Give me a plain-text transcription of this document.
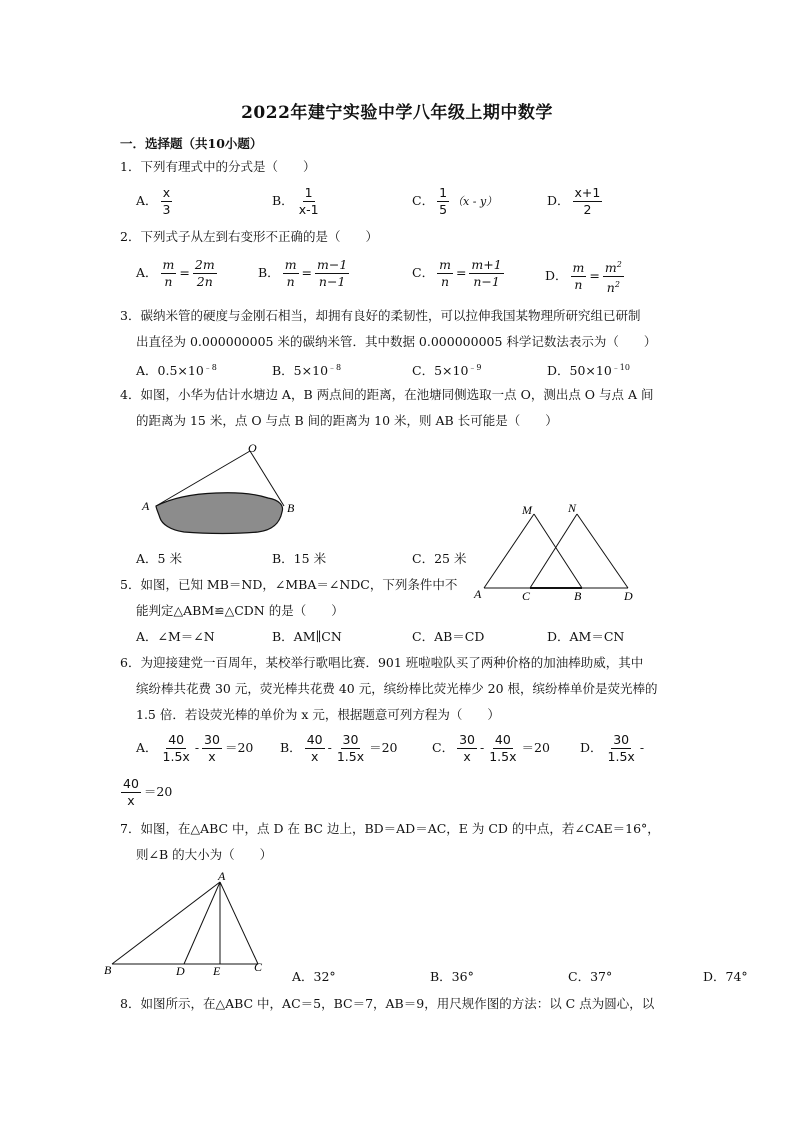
2022年建宁实验中学八年级上期中数学
一．选择题（共10小题）
1．下列有理式中的分式是（　　）
A． $\frac{x}{3}$	B． $\frac{1}{x-1}$	C． $\frac{1}{5} (x - y)$	D． $\frac{x+1}{2}$
2．下列式子从左到右变形不正确的是（　　）
A． $\frac{m}{n} = \frac{2m}{2n}$	B． $\frac{m}{n} = \frac{m-1}{n-1}$	C． $\frac{m}{n} = \frac{m+1}{n-1}$	D． $\frac{m}{n} = \frac{m^2}{n^2}$
3．碳纳米管的硬度与金刚石相当，却拥有良好的柔韧性，可以拉伸我国某物理所研究组已研制
出直径为 0.000000005 米的碳纳米管．其中数据 0.000000005 科学记数法表示为（　　）
A．$0.5\times 10^{﹣8}$	B．$5\times 10^{﹣8}$	C．$5\times 10^{﹣9}$	D．$50\times 10^{﹣10}$
4．如图，小华为估计水塘边 A，B 两点间的距离，在池塘同侧选取一点 O，测出点 O 与点 A 间
的距离为 15 米，点 O 与点 B 间的距离为 10 米，则 AB 长可能是（　　）
O
A	B
A．5 米	B．15 米	C．25 米
M	N
A	C	B	D
5．如图，已知 MB＝ND，∠MBA＝∠NDC，下列条件中不
能判定△ABM≌△CDN 的是（　　）
A．∠M＝∠N	B．AM∥CN	C．AB＝CD	D．AM＝CN
6．为迎接建党一百周年，某校举行歌唱比赛．901 班啦啦队买了两种价格的加油棒助威，其中
缤纷棒共花费 30 元，荧光棒共花费 40 元，缤纷棒比荧光棒少 20 根，缤纷棒单价是荧光棒的
1.5 倍．若设荧光棒的单价为 x 元，根据题意可列方程为（　　）
A． $\frac{40}{1.5x} - \frac{30}{x} =20$ B． $\frac{40}{x} - \frac{30}{1.5x} =20$	C． $\frac{30}{x} - \frac{40}{1.5x} =20$ D． $\frac{30}{1.5x}$ -
$\frac{40}{x} =20$
7．如图，在△ABC 中，点 D 在 BC 边上，BD＝AD＝AC，E 为 CD 的中点，若∠CAE＝16°，
则∠B 的大小为（　　）
A
B	D E	C
A．32°	B．36°	C．37°	D．74°
8．如图所示，在△ABC 中，AC＝5，BC＝7，AB＝9，用尺规作图的方法：以 C 点为圆心，以
